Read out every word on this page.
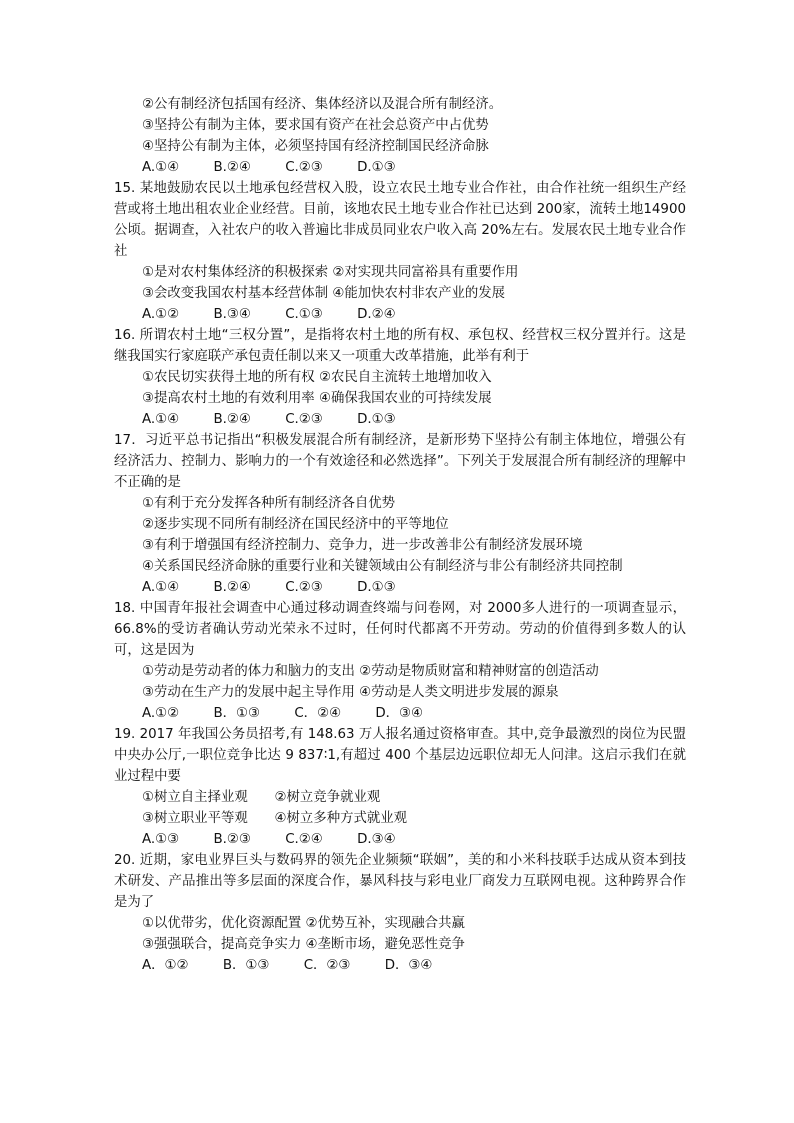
②公有制经济包括国有经济、集体经济以及混合所有制经济。
③坚持公有制为主体，要求国有资产在社会总资产中占优势
④坚持公有制为主体，必须坚持国有经济控制国民经济命脉
A.①④	B.②④	C.②③	D.①③
15. 某地鼓励农民以土地承包经营权入股，设立农民土地专业合作社，由合作社统一组织生产经营或将土地出租农业企业经营。目前，该地农民土地专业合作社已达到 200家，流转土地14900公顷。据调查，入社农户的收入普遍比非成员同业农户收入高 20%左右。发展农民土地专业合作社
①是对农村集体经济的积极探索 ②对实现共同富裕具有重要作用
③会改变我国农村基本经营体制 ④能加快农村非农产业的发展
A.①②	B.③④	C.①③	D.②④
16. 所谓农村土地“三权分置”，是指将农村土地的所有权、承包权、经营权三权分置并行。这是继我国实行家庭联产承包责任制以来又一项重大改革措施，此举有利于
①农民切实获得土地的所有权 ②农民自主流转土地增加收入
③提高农村土地的有效利用率 ④确保我国农业的可持续发展
A.①④	B.②④	C.②③	D.①③
17．习近平总书记指出“积极发展混合所有制经济，是新形势下坚持公有制主体地位，增强公有经济活力、控制力、影响力的一个有效途径和必然选择”。下列关于发展混合所有制经济的理解中不正确的是
①有利于充分发挥各种所有制经济各自优势
②逐步实现不同所有制经济在国民经济中的平等地位
③有利于增强国有经济控制力、竞争力，进一步改善非公有制经济发展环境
④关系国民经济命脉的重要行业和关键领域由公有制经济与非公有制经济共同控制
A.①④	B.②④	C.②③	D.①③
18. 中国青年报社会调查中心通过移动调查终端与问卷网，对 2000多人进行的一项调查显示，66.8%的受访者确认劳动光荣永不过时，任何时代都离不开劳动。劳动的价值得到多数人的认可，这是因为
①劳动是劳动者的体力和脑力的支出 ②劳动是物质财富和精神财富的创造活动
③劳动在生产力的发展中起主导作用 ④劳动是人类文明进步发展的源泉
A.①②	B．①③	C．②④	D．③④
19. 2017 年我国公务员招考,有 148.63 万人报名通过资格审查。其中,竞争最激烈的岗位为民盟中央办公厅,一职位竞争比达 9 837∶1,有超过 400 个基层边远职位却无人问津。这启示我们在就业过程中要
①树立自主择业观　　②树立竞争就业观
③树立职业平等观　　④树立多种方式就业观
A.①③	B.②③	C.②④	D.③④
20. 近期，家电业界巨头与数码界的领先企业频频“联姻”，美的和小米科技联手达成从资本到技术研发、产品推出等多层面的深度合作，暴风科技与彩电业厂商发力互联网电视。这种跨界合作是为了
①以优带劣，优化资源配置 ②优势互补，实现融合共赢
③强强联合，提高竞争实力 ④垄断市场，避免恶性竞争
A．①②	B．①③	C．②③	D．③④
